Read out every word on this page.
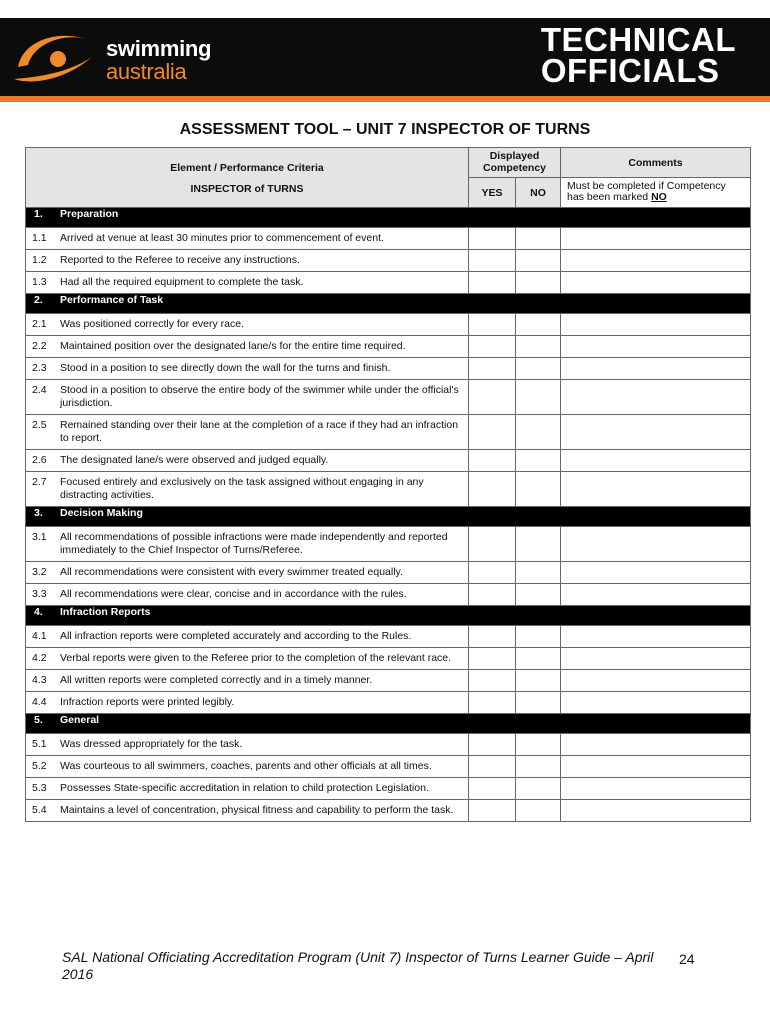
swimming
australia
TECHNICAL
OFFICIALS
ASSESSMENT TOOL – UNIT 7 INSPECTOR OF TURNS
Element / Performance Criteria
INSPECTOR of TURNS	Displayed Competency		Comments
	YES	NO	Must be completed if Competency has been marked NO
1. Preparation			

1.1 Arrived at venue at least 30 minutes prior to commencement of event.			

1.2 Reported to the Referee to receive any instructions.			

1.3 Had all the required equipment to complete the task.			

2. Performance of Task			

2.1 Was positioned correctly for every race.			

2.2 Maintained position over the designated lane/s for the entire time required.			

2.3 Stood in a position to see directly down the wall for the turns and finish.			

2.4 Stood in a position to observe the entire body of the swimmer while under the official's jurisdiction.			

2.5 Remained standing over their lane at the completion of a race if they had an infraction to report.			

2.6 The designated lane/s were observed and judged equally.			

2.7 Focused entirely and exclusively on the task assigned without engaging in any distracting activities.			

3. Decision Making			

3.1 All recommendations of possible infractions were made independently and reported immediately to the Chief Inspector of Turns/Referee.			

3.2 All recommendations were consistent with every swimmer treated equally.			

3.3 All recommendations were clear, concise and in accordance with the rules.			

4. Infraction Reports			

4.1 All infraction reports were completed accurately and according to the Rules.			

4.2 Verbal reports were given to the Referee prior to the completion of the relevant race.			

4.3 All written reports were completed correctly and in a timely manner.			

4.4 Infraction reports were printed legibly.			

5. General			

5.1 Was dressed appropriately for the task.			

5.2 Was courteous to all swimmers, coaches, parents and other officials at all times.			

5.3 Possesses State-specific accreditation in relation to child protection Legislation.			

5.4 Maintains a level of concentration, physical fitness and capability to perform the task.			

SAL National Officiating Accreditation Program (Unit 7) Inspector of Turns Learner Guide – April 2016
24
